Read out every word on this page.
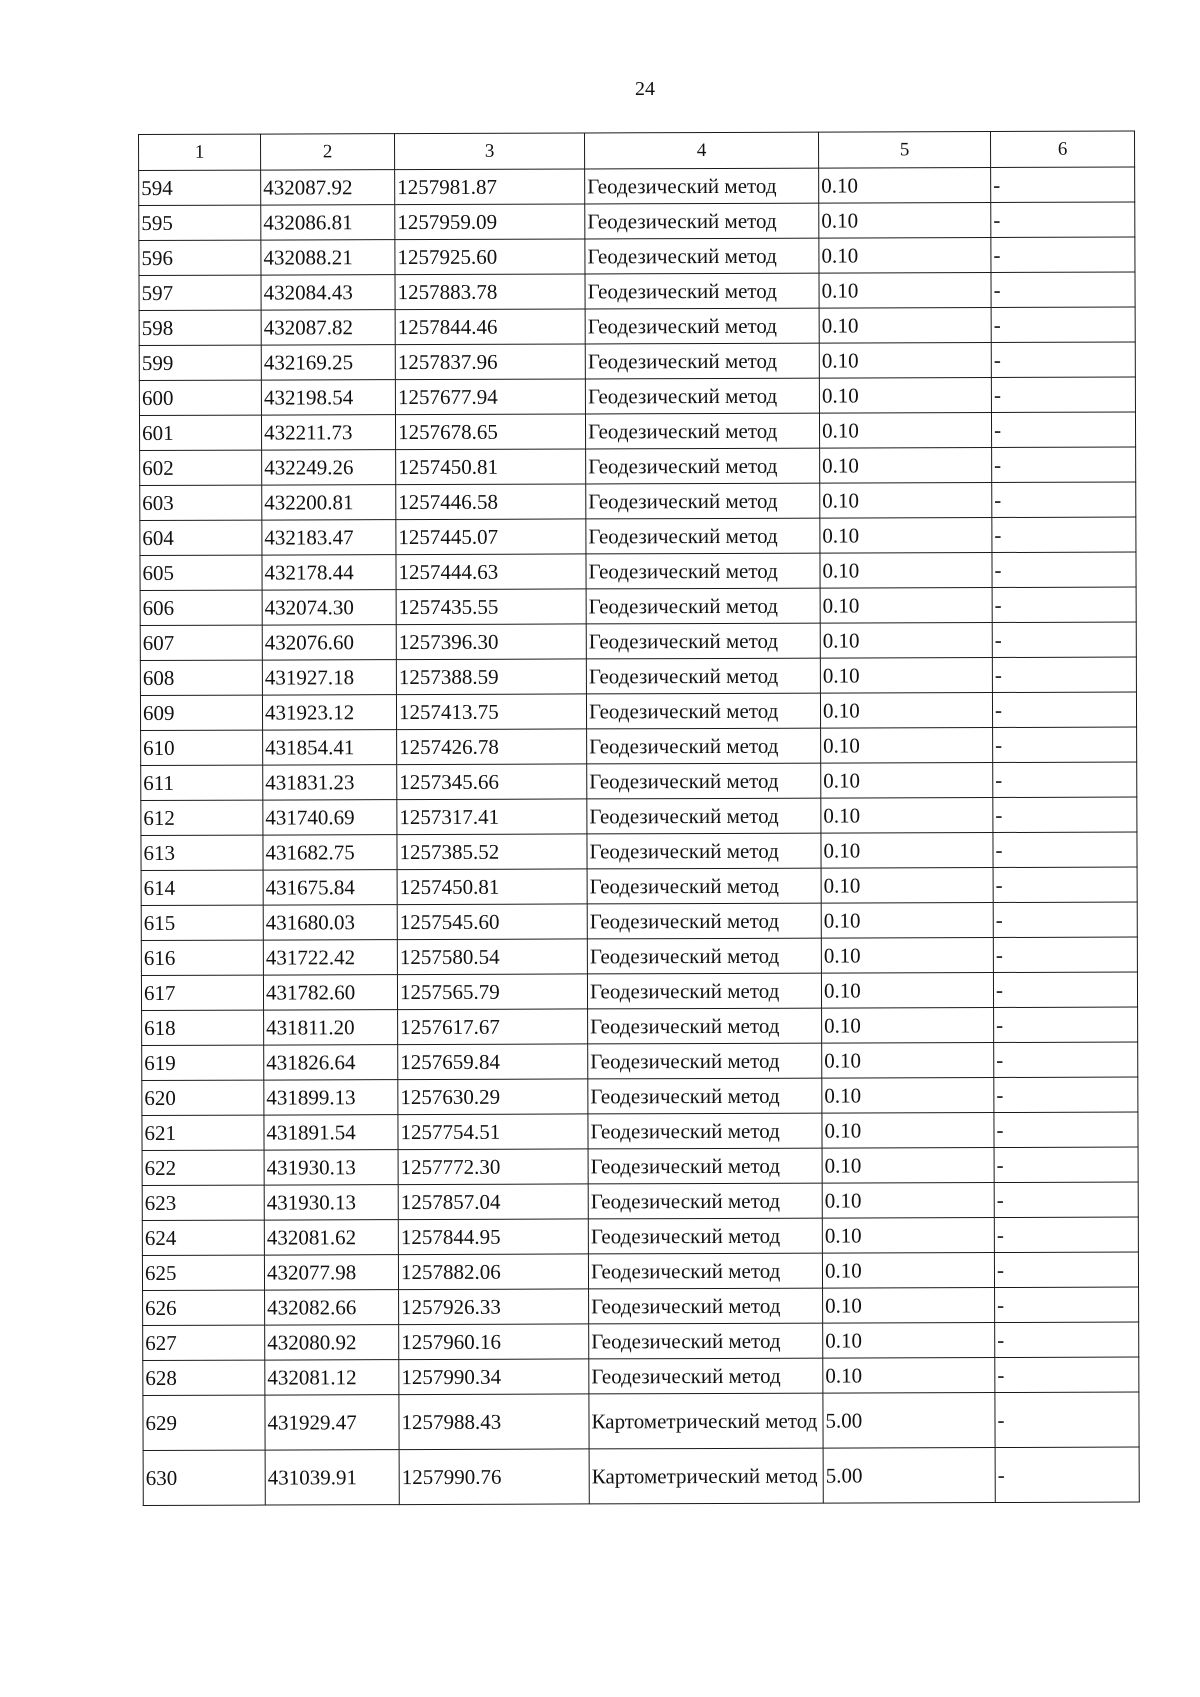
24
1	2	3	4	5	6
594	432087.92	1257981.87	Геодезический метод	0.10	-
595	432086.81	1257959.09	Геодезический метод	0.10	-
596	432088.21	1257925.60	Геодезический метод	0.10	-
597	432084.43	1257883.78	Геодезический метод	0.10	-
598	432087.82	1257844.46	Геодезический метод	0.10	-
599	432169.25	1257837.96	Геодезический метод	0.10	-
600	432198.54	1257677.94	Геодезический метод	0.10	-
601	432211.73	1257678.65	Геодезический метод	0.10	-
602	432249.26	1257450.81	Геодезический метод	0.10	-
603	432200.81	1257446.58	Геодезический метод	0.10	-
604	432183.47	1257445.07	Геодезический метод	0.10	-
605	432178.44	1257444.63	Геодезический метод	0.10	-
606	432074.30	1257435.55	Геодезический метод	0.10	-
607	432076.60	1257396.30	Геодезический метод	0.10	-
608	431927.18	1257388.59	Геодезический метод	0.10	-
609	431923.12	1257413.75	Геодезический метод	0.10	-
610	431854.41	1257426.78	Геодезический метод	0.10	-
611	431831.23	1257345.66	Геодезический метод	0.10	-
612	431740.69	1257317.41	Геодезический метод	0.10	-
613	431682.75	1257385.52	Геодезический метод	0.10	-
614	431675.84	1257450.81	Геодезический метод	0.10	-
615	431680.03	1257545.60	Геодезический метод	0.10	-
616	431722.42	1257580.54	Геодезический метод	0.10	-
617	431782.60	1257565.79	Геодезический метод	0.10	-
618	431811.20	1257617.67	Геодезический метод	0.10	-
619	431826.64	1257659.84	Геодезический метод	0.10	-
620	431899.13	1257630.29	Геодезический метод	0.10	-
621	431891.54	1257754.51	Геодезический метод	0.10	-
622	431930.13	1257772.30	Геодезический метод	0.10	-
623	431930.13	1257857.04	Геодезический метод	0.10	-
624	432081.62	1257844.95	Геодезический метод	0.10	-
625	432077.98	1257882.06	Геодезический метод	0.10	-
626	432082.66	1257926.33	Геодезический метод	0.10	-
627	432080.92	1257960.16	Геодезический метод	0.10	-
628	432081.12	1257990.34	Геодезический метод	0.10	-
629	431929.47	1257988.43	Картометрический метод	5.00	-
630	431039.91	1257990.76	Картометрический метод	5.00	-
